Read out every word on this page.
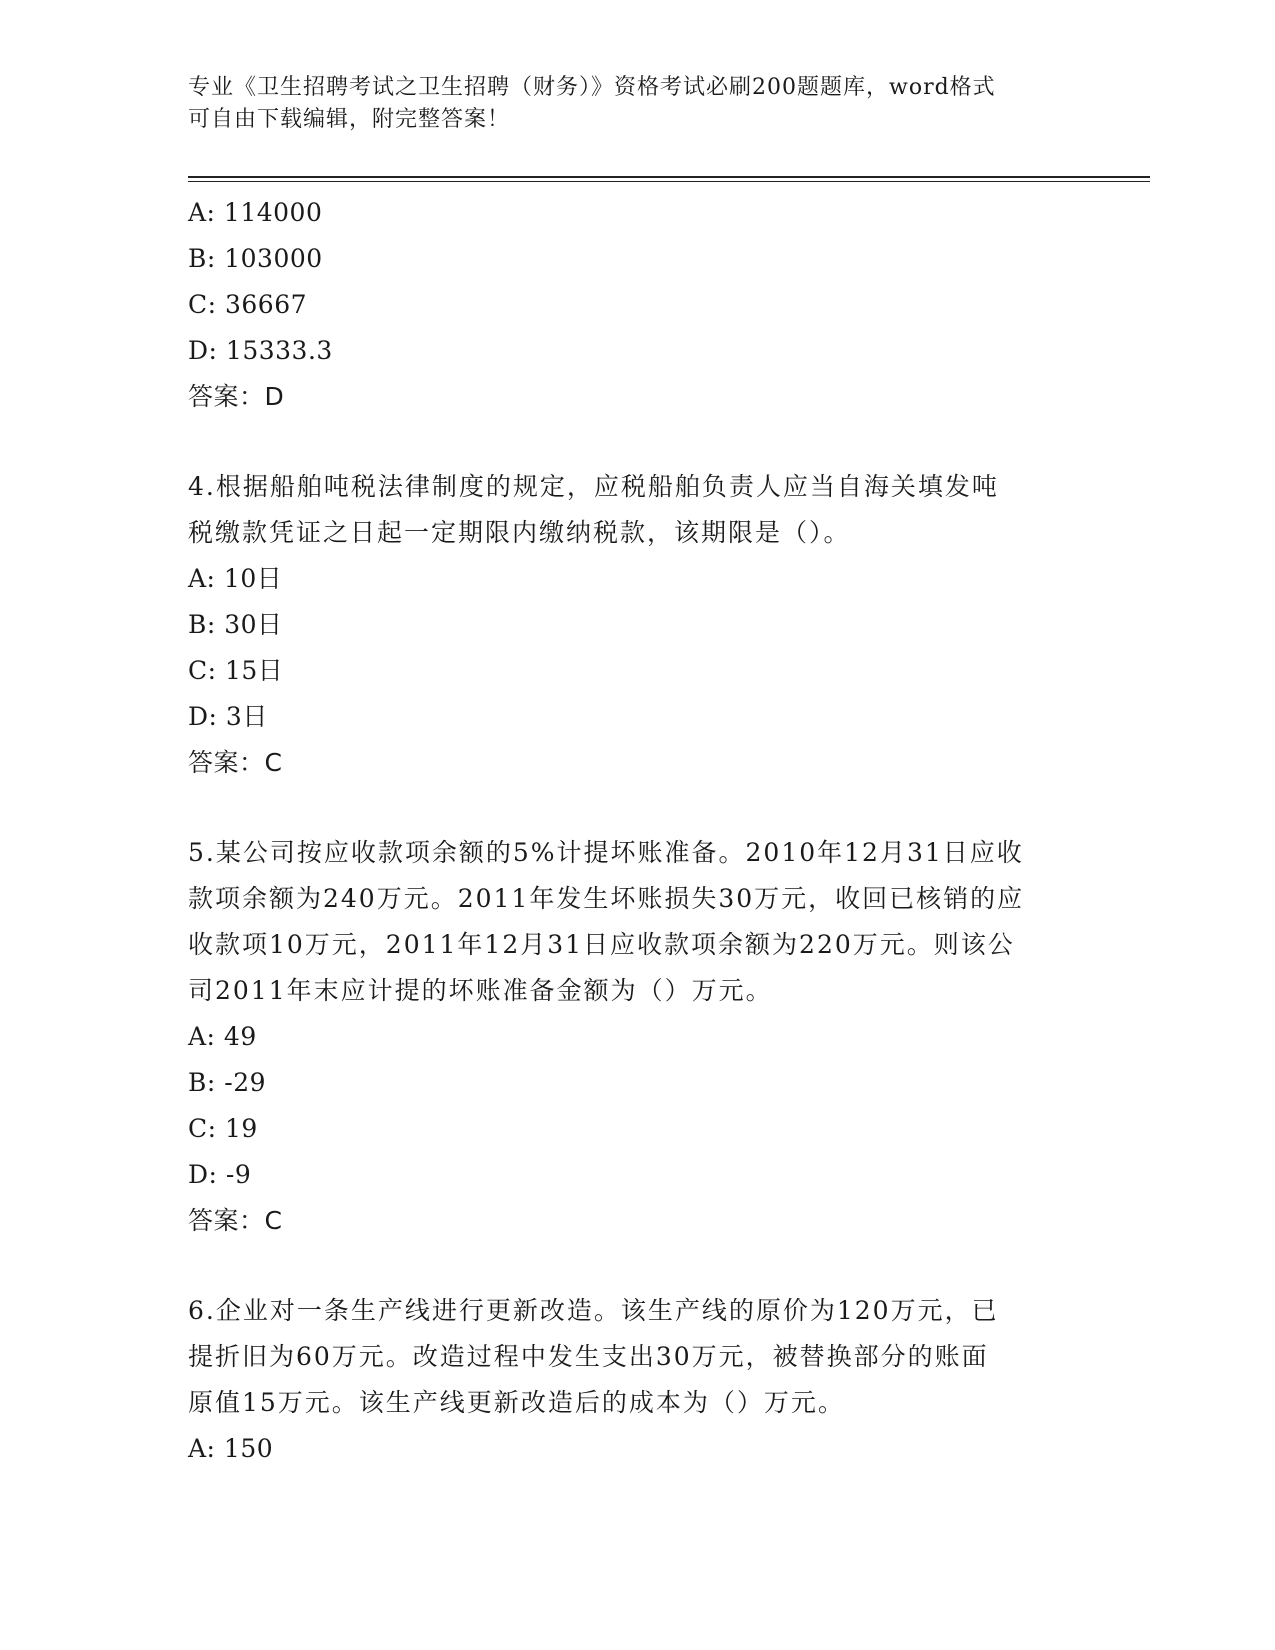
专业《卫生招聘考试之卫生招聘（财务）》资格考试必刷200题题库，word格式
可自由下载编辑，附完整答案！
A: 114000
B: 103000
C: 36667
D: 15333.3
答案：D
4.根据船舶吨税法律制度的规定，应税船舶负责人应当自海关填发吨
税缴款凭证之日起一定期限内缴纳税款，该期限是（）。
A: 10日
B: 30日
C: 15日
D: 3日
答案：C
5.某公司按应收款项余额的5%计提坏账准备。2010年12月31日应收
款项余额为240万元。2011年发生坏账损失30万元，收回已核销的应
收款项10万元，2011年12月31日应收款项余额为220万元。则该公
司2011年末应计提的坏账准备金额为（）万元。
A: 49
B: -29
C: 19
D: -9
答案：C
6.企业对一条生产线进行更新改造。该生产线的原价为120万元，已
提折旧为60万元。改造过程中发生支出30万元，被替换部分的账面
原值15万元。该生产线更新改造后的成本为（）万元。
A: 150
